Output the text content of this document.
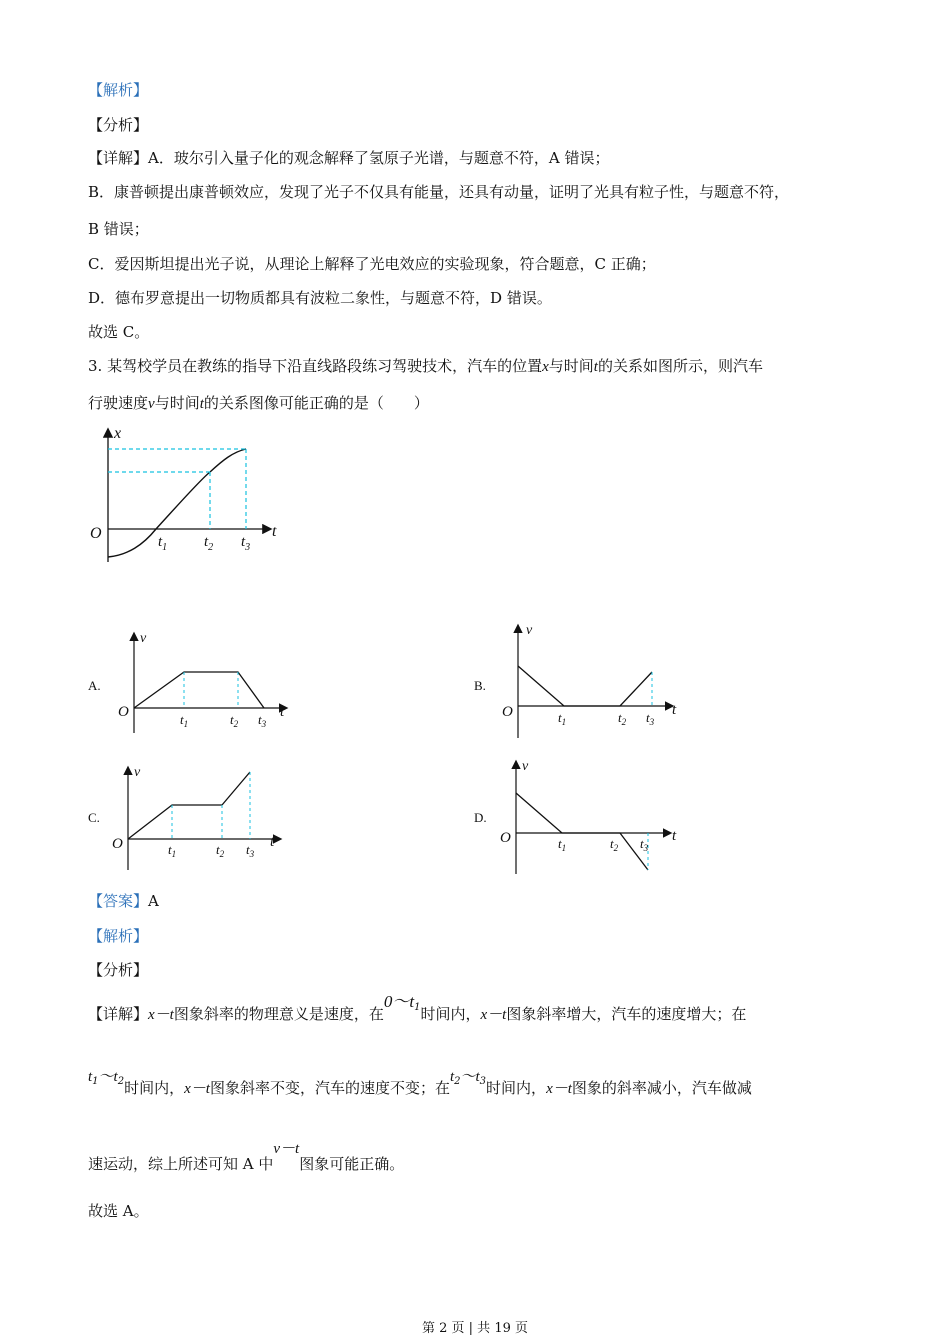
【解析】
【分析】
【详解】A．玻尔引入量子化的观念解释了氢原子光谱，与题意不符，A 错误；
B．康普顿提出康普顿效应，发现了光子不仅具有能量，还具有动量，证明了光具有粒子性，与题意不符，
B 错误；
C．爱因斯坦提出光子说，从理论上解释了光电效应的实验现象，符合题意，C 正确；
D．德布罗意提出一切物质都具有波粒二象性，与题意不符，D 错误。
故选 C。
3. 某驾校学员在教练的指导下沿直线路段练习驾驶技术，汽车的位置x与时间t的关系如图所示，则汽车
行驶速度v与时间t的关系图像可能正确的是（　　）
x
O	t
$t_1$ $t_2$ $t_3$
A.
v
O	t
$t_1$	$t_2$ $t_3$
B.
v
O	t
$t_1$	$t_2$ $t_3$
C.
v
O	t
$t_1$	$t_2$ $t_3$
D.
v
O	t
$t_1$	$t_2$ $t_3$
【答案】A
【解析】
【分析】
【详解】x－t图象斜率的物理意义是速度，在$0\sim t^1$时间内，x－t图象斜率增大，汽车的速度增大；在
$t^1\sim t^2$时间内，x－t图象斜率不变，汽车的速度不变；在$t^2\sim t^3$时间内，x－t图象的斜率减小，汽车做减
速运动，综上所述可知 A 中v－t图象可能正确。
故选 A。
第 2 页 | 共 19 页
